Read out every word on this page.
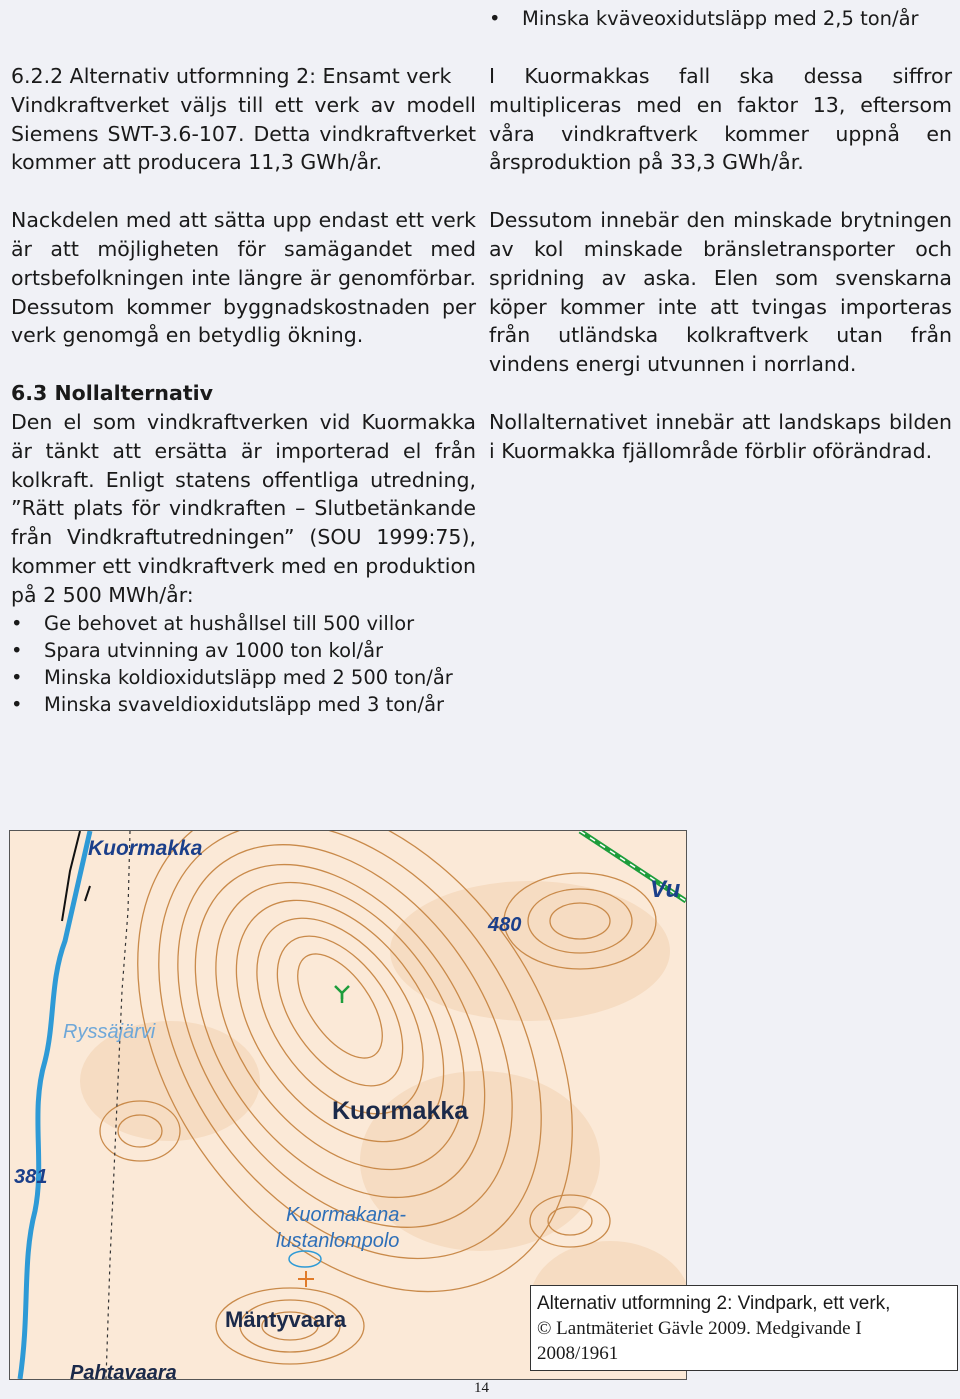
6.2.2 Alternativ utformning 2: Ensamt verk

Vindkraftverket väljs till ett verk av modell Siemens SWT-3.6-107. Detta vindkraftverket kommer att producera 11,3 GWh/år.

Nackdelen med att sätta upp endast ett verk är att möjligheten för samägandet med ortsbefolkningen inte längre är genomförbar. Dessutom kommer byggnadskostnaden per verk genomgå en betydlig ökning.

6.3 Nollalternativ

Den el som vindkraftverken vid Kuormakka är tänkt att ersätta är importerad el från kolkraft. Enligt statens offentliga utredning, ”Rätt plats för vindkraften – Slutbetänkande från Vindkraftutredningen” (SOU 1999:75), kommer ett vindkraftverk med en produktion på 2 500 MWh/år:

• Ge behovet at hushållsel till 500 villor
• Spara utvinning av 1000 ton kol/år
• Minska koldioxidutsläpp med 2 500 ton/år
• Minska svaveldioxidutsläpp med 3 ton/år
• Minska kväveoxidutsläpp med 2,5 ton/år

I Kuormakkas fall ska dessa siffror multipliceras med en faktor 13, eftersom våra vindkraftverk kommer uppnå en årsproduktion på 33,3 GWh/år.

Dessutom innebär den minskade brytningen av kol minskade bränsletransporter och spridning av aska. Elen som svenskarna köper kommer inte att tvingas importeras från utländska kolkraftverk utan från vindens energi utvunnen i norrland.

Nollalternativet innebär att landskaps bilden i Kuormakka fjällområde förblir oförändrad.

Kuormakka
Vu
480
Ryssäjärvi
Kuormakka
381
Kuormakana-
lustanlompolo
Mäntyvaara
Pahtavaara
Alternativ utformning 2: Vindpark, ett verk,
© Lantmäteriet Gävle 2009. Medgivande I
2008/1961
14
